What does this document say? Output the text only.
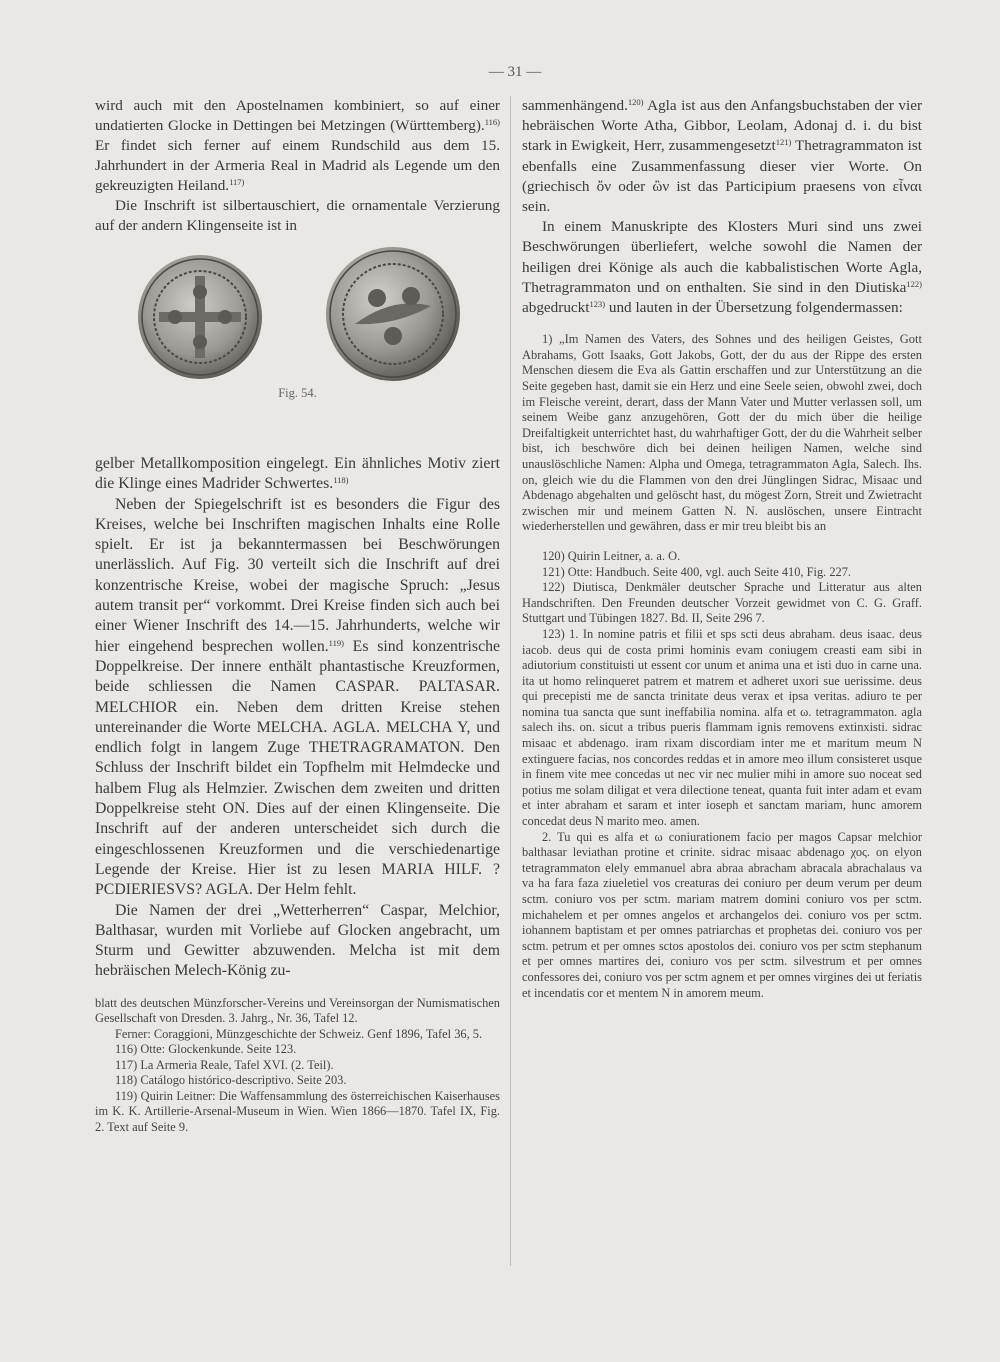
— 31 —

wird auch mit den Apostelnamen kombiniert, so auf einer undatierten Glocke in Dettingen bei Metzingen (Württemberg).$^{116)}$ Er findet sich ferner auf einem Rundschild aus dem 15. Jahrhundert in der Armeria Real in Madrid als Legende um den gekreuzigten Heiland.$^{117)}$

Die Inschrift ist silbertauschiert, die ornamentale Verzierung auf der andern Klingenseite ist in

Fig. 54.

gelber Metallkomposition eingelegt. Ein ähnliches Motiv ziert die Klinge eines Madrider Schwertes.$^{118)}$

Neben der Spiegelschrift ist es besonders die Figur des Kreises, welche bei Inschriften magischen Inhalts eine Rolle spielt. Er ist ja bekanntermassen bei Beschwörungen unerlässlich. Auf Fig. 30 verteilt sich die Inschrift auf drei konzentrische Kreise, wobei der magische Spruch: „Jesus autem transit per“ vorkommt. Drei Kreise finden sich auch bei einer Wiener Inschrift des 14.—15. Jahrhunderts, welche wir hier eingehend besprechen wollen.$^{119)}$ Es sind konzentrische Doppelkreise. Der innere enthält phantastische Kreuzformen, beide schliessen die Namen CASPAR. PALTASAR. MELCHIOR ein. Neben dem dritten Kreise stehen untereinander die Worte MELCHA. AGLA. MELCHA Y, und endlich folgt in langem Zuge THETRAGRAMATON. Den Schluss der Inschrift bildet ein Topfhelm mit Helmdecke und halbem Flug als Helmzier. Zwischen dem zweiten und dritten Doppelkreise steht ON. Dies auf der einen Klingenseite. Die Inschrift auf der anderen unterscheidet sich durch die eingeschlossenen Kreuzformen und die verschiedenartige Legende der Kreise. Hier ist zu lesen MARIA HILF. ?PCDIERIESVS? AGLA. Der Helm fehlt.

Die Namen der drei „Wetterherren“ Caspar, Melchior, Balthasar, wurden mit Vorliebe auf Glocken angebracht, um Sturm und Gewitter abzuwenden. Melcha ist mit dem hebräischen Melech-König zu-

blatt des deutschen Münzforscher-Vereins und Vereinsorgan der Numismatischen Gesellschaft von Dresden. 3. Jahrg., Nr. 36, Tafel 12.

Ferner: Coraggioni, Münzgeschichte der Schweiz. Genf 1896, Tafel 36, 5.

116) Otte: Glockenkunde. Seite 123.

117) La Armeria Reale, Tafel XVI. (2. Teil).

118) Catálogo histórico-descriptivo. Seite 203.

119) Quirin Leitner: Die Waffensammlung des österreichischen Kaiserhauses im K. K. Artillerie-Arsenal-Museum in Wien. Wien 1866—1870. Tafel IX, Fig. 2. Text auf Seite 9.

sammenhängend.$^{120)}$ Agla ist aus den Anfangsbuchstaben der vier hebräischen Worte Atha, Gibbor, Leolam, Adonaj d. i. du bist stark in Ewigkeit, Herr, zusammengesetzt$^{121)}$ Thetragrammaton ist ebenfalls eine Zusammenfassung dieser vier Worte. On (griechisch ὄν oder ὢν ist das Participium praesens von εἶναι sein.

In einem Manuskripte des Klosters Muri sind uns zwei Beschwörungen überliefert, welche sowohl die Namen der heiligen drei Könige als auch die kabbalistischen Worte Agla, Thetragrammaton und on enthalten. Sie sind in den Diutiska$^{122)}$ abgedruckt$^{123)}$ und lauten in der Übersetzung folgendermassen:

1) „Im Namen des Vaters, des Sohnes und des heiligen Geistes, Gott Abrahams, Gott Isaaks, Gott Jakobs, Gott, der du aus der Rippe des ersten Menschen diesem die Eva als Gattin erschaffen und zur Unterstützung an die Seite gegeben hast, damit sie ein Herz und eine Seele seien, obwohl zwei, doch im Fleische vereint, derart, dass der Mann Vater und Mutter verlassen soll, um seinem Weibe ganz anzugehören, Gott der du mich über die heilige Dreifaltigkeit unterrichtet hast, du wahrhaftiger Gott, der du die Wahrheit selber bist, ich beschwöre dich bei deinen heiligen Namen, welche sind unauslöschliche Namen: Alpha und Omega, tetragrammaton Agla, Salech. Ihs. on, gleich wie du die Flammen von den drei Jünglingen Sidrac, Misaac und Abdenago abgehalten und gelöscht hast, du mögest Zorn, Streit und Zwietracht zwischen mir und meinem Gatten N. N. auslöschen, unsere Eintracht wiederherstellen und gewähren, dass er mir treu bleibt bis an

120) Quirin Leitner, a. a. O.

121) Otte: Handbuch. Seite 400, vgl. auch Seite 410, Fig. 227.

122) Diutisca, Denkmäler deutscher Sprache und Litteratur aus alten Handschriften. Den Freunden deutscher Vorzeit gewidmet von C. G. Graff. Stuttgart und Tübingen 1827. Bd. II, Seite 296 7.

123) 1. In nomine patris et filii et sps scti deus abraham. deus isaac. deus iacob. deus qui de costa primi hominis evam coniugem creasti eam sibi in adiutorium constituisti ut essent cor unum et anima una et isti duo in carne una. ita ut homo relinqueret patrem et matrem et adheret uxori sue uerissime. deus qui precepisti me de sancta trinitate deus verax et ipsa veritas. adiuro te per nomina tua sancta que sunt ineffabilia nomina. alfa et ω. tetragrammaton. agla salech ihs. on. sicut a tribus pueris flammam ignis removens extinxisti. sidrac misaac et abdenago. iram rixam discordiam inter me et maritum meum N extinguere facias, nos concordes reddas et in amore meo illum consisteret usque in finem vite mee concedas ut nec vir nec mulier mihi in amore suo noceat sed potius me solam diligat et vera dilectione teneat, quanta fuit inter adam et evam et inter abraham et saram et inter ioseph et sanctam mariam, hunc amorem concedat deus N marito meo. amen.

2. Tu qui es alfa et ω coniurationem facio per magos Capsar melchior balthasar leviathan protine et crinite. sidrac misaac abdenago χος. on elyon tetragrammaton elely emmanuel abra abraa abracham abracala abrachalaus va va ha fara faza zіueletiel vos creaturas dei coniuro per deum verum per deum sctm. coniuro vos per sctm. mariam matrem domini coniuro vos per sctm. michahelem et per omnes angelos et archangelos dei. coniuro vos per sctm. iohannem baptistam et per omnes patriarchas et prophetas dei. coniuro vos per sctm. petrum et per omnes sctos apostolos dei. coniuro vos per sctm stephanum et per omnes martires dei, coniuro vos per sctm. silvestrum et per omnes confessores dei, coniuro vos per sctm agnem et per omnes virgines dei ut feriatis et incendatis cor et mentem N in amorem meum.
